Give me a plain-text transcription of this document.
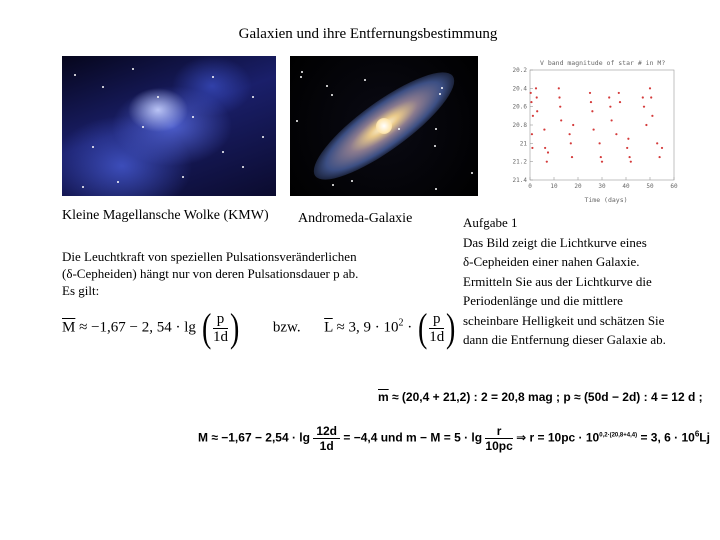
Galaxien und ihre Entfernungsbestimmung
V band magnitude of star # in M?
20.2
20.4
20.6
20.8
21
21.2
21.4
0	10	20	30	40	50	60
Time (days)
Kleine Magellansche Wolke (KMW) Andromeda-Galaxie
Die Leuchtkraft von speziellen Pulsationsveränderlichen
(δ-Cepheiden) hängt nur von deren Pulsationsdauer p ab.
Es gilt:
$\overline{M} \approx -1,67 - 2$, 54 · lg ( $\frac{p}{1d}$ ) bzw. $\overline{L} \approx 3$, $9 \cdot 10^2$ · ( $\frac{p}{1d}$ )
Aufgabe 1
Das Bild zeigt die Lichtkurve eines
δ-Cepheiden einer nahen Galaxie.
Ermitteln Sie aus der Lichtkurve die
Periodenlänge und die mittlere
scheinbare Helligkeit und schätzen Sie
dann die Entfernung dieser Galaxie ab.
$\overline{m} \approx (20,4 + 21,2)$ : 2 = 20,8 mag ; p ≈ (50d − 2d) : 4 = 12 d ;
$M \approx -1,67 - 2,54 \cdot \lg \frac{12d}{1d} = -4,4$ und $m - M = 5 \cdot \lg \frac{r}{10pc}$ ⇒ $r = 10pc \cdot 10^{0,2\cdot(20,8+4,4)} = 3$, $6 \cdot 10^6Lj$
